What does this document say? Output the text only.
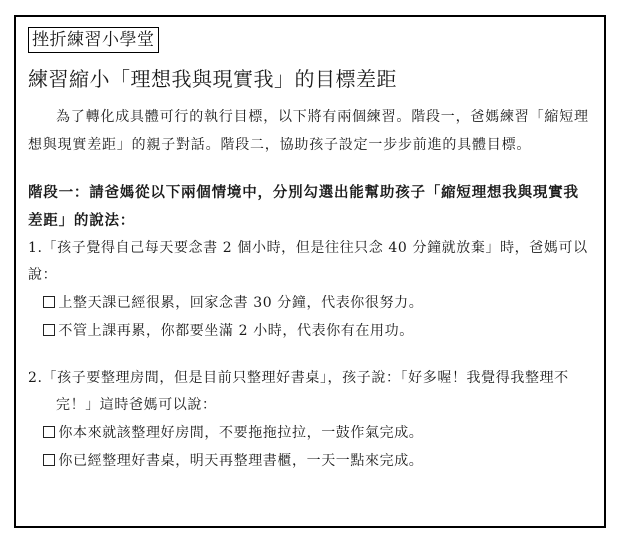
挫折練習小學堂
練習縮小「理想我與現實我」的目標差距
為了轉化成具體可行的執行目標，以下將有兩個練習。階段一，爸媽練習「縮短理想與現實差距」的親子對話。階段二，協助孩子設定一步步前進的具體目標。
階段一：請爸媽從以下兩個情境中，分別勾選出能幫助孩子「縮短理想我與現實我差距」的說法：
1.「孩子覺得自己每天要念書 2 個小時，但是往往只念 40 分鐘就放棄」時，爸媽可以說：
上整天課已經很累，回家念書 30 分鐘，代表你很努力。
不管上課再累，你都要坐滿 2 小時，代表你有在用功。
2.「孩子要整理房間，但是目前只整理好書桌」，孩子說：「好多喔！我覺得我整理不完！」這時爸媽可以說：
你本來就該整理好房間，不要拖拖拉拉，一鼓作氣完成。
你已經整理好書桌，明天再整理書櫃，一天一點來完成。
